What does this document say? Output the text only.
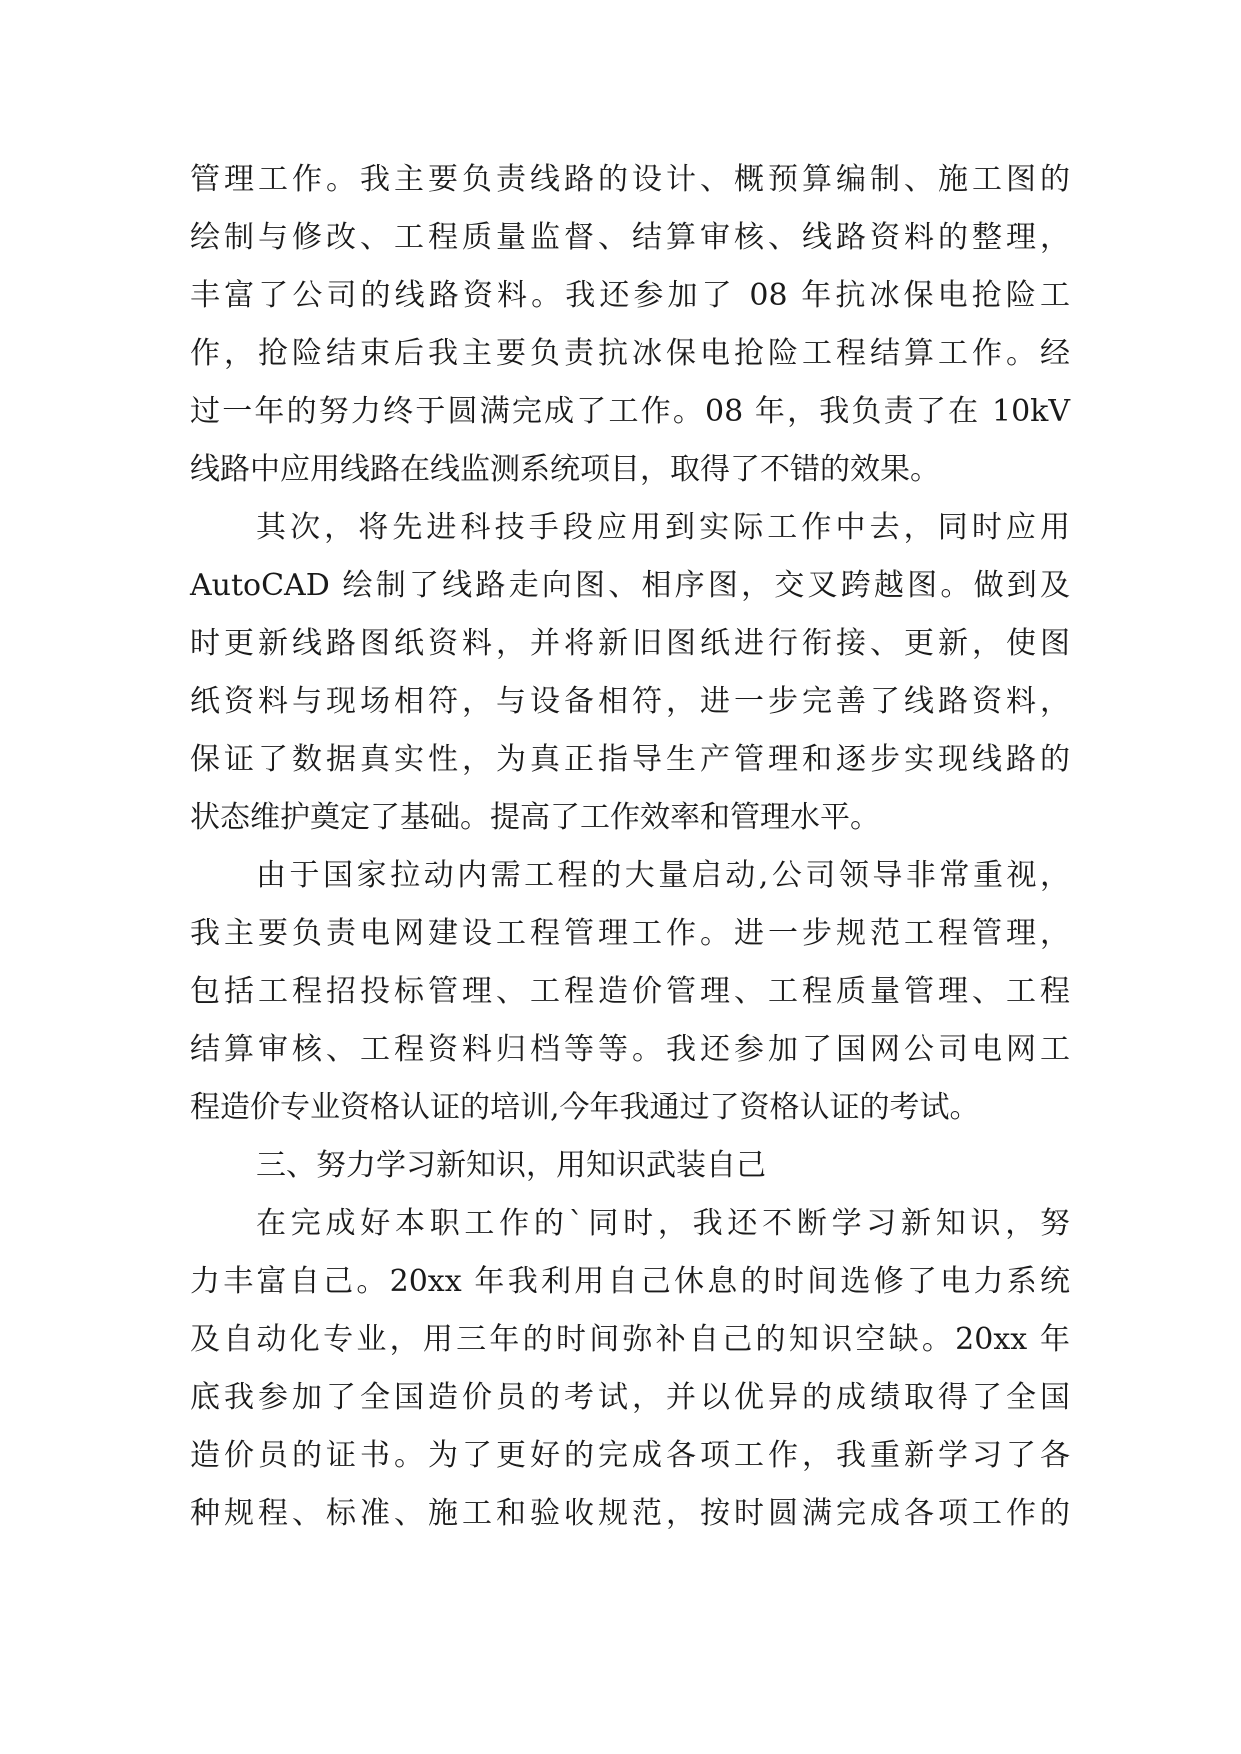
管理工作。我主要负责线路的设计、概预算编制、施工图的
绘制与修改、工程质量监督、结算审核、线路资料的整理，
丰富了公司的线路资料。我还参加了 08 年抗冰保电抢险工
作，抢险结束后我主要负责抗冰保电抢险工程结算工作。经
过一年的努力终于圆满完成了工作。08 年，我负责了在 10kV
线路中应用线路在线监测系统项目，取得了不错的效果。
其次，将先进科技手段应用到实际工作中去，同时应用
AutoCAD 绘制了线路走向图、相序图，交叉跨越图。做到及
时更新线路图纸资料，并将新旧图纸进行衔接、更新，使图
纸资料与现场相符，与设备相符，进一步完善了线路资料，
保证了数据真实性，为真正指导生产管理和逐步实现线路的
状态维护奠定了基础。提高了工作效率和管理水平。
由于国家拉动内需工程的大量启动,公司领导非常重视，
我主要负责电网建设工程管理工作。进一步规范工程管理，
包括工程招投标管理、工程造价管理、工程质量管理、工程
结算审核、工程资料归档等等。我还参加了国网公司电网工
程造价专业资格认证的培训,今年我通过了资格认证的考试。
三、努力学习新知识，用知识武装自己
在完成好本职工作的`同时，我还不断学习新知识，努
力丰富自己。20xx 年我利用自己休息的时间选修了电力系统
及自动化专业，用三年的时间弥补自己的知识空缺。20xx 年
底我参加了全国造价员的考试，并以优异的成绩取得了全国
造价员的证书。为了更好的完成各项工作，我重新学习了各
种规程、标准、施工和验收规范，按时圆满完成各项工作的
